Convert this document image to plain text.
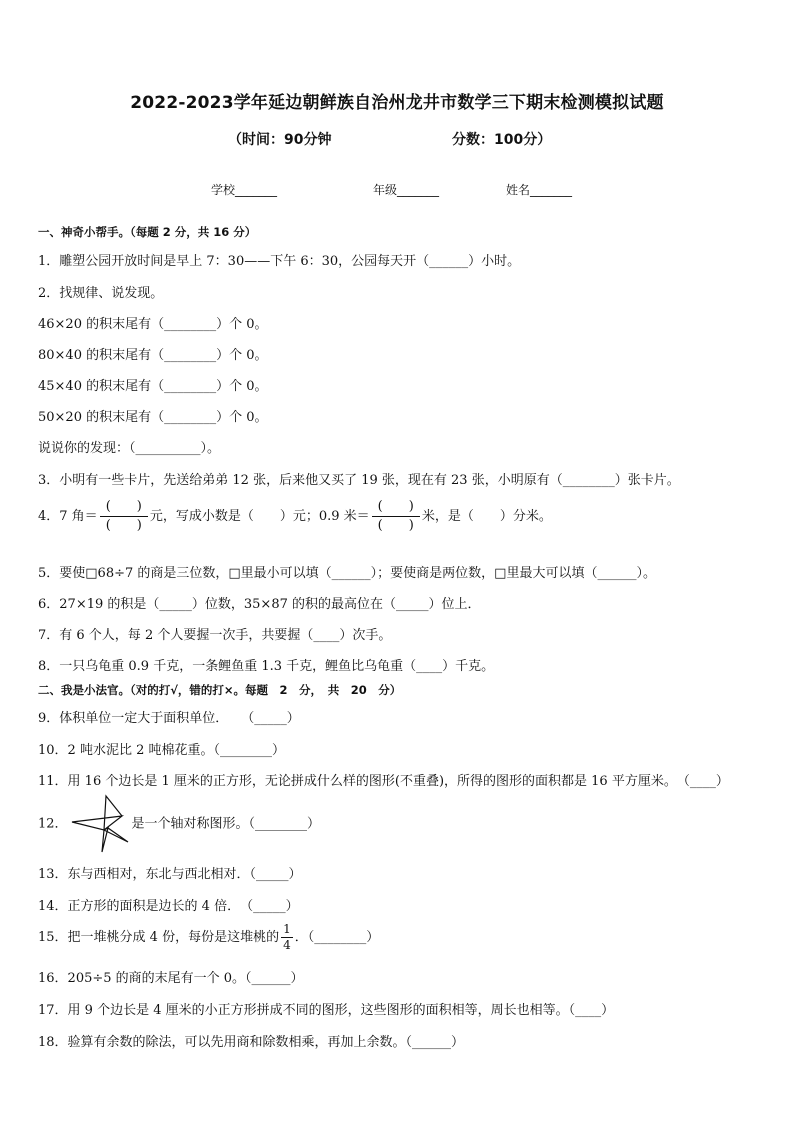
2022-2023学年延边朝鲜族自治州龙井市数学三下期末检测模拟试题
（时间：90分钟	分数：100分）
学校_______	年级_______	姓名_______
一、神奇小帮手。（每题 2 分，共 16 分）
1．雕塑公园开放时间是早上 7：30——下午 6：30，公园每天开（______）小时。
2．找规律、说发现。
46×20 的积末尾有（________）个 0。
80×40 的积末尾有（________）个 0。
45×40 的积末尾有（________）个 0。
50×20 的积末尾有（________）个 0。
说说你的发现：（__________）。
3．小明有一些卡片，先送给弟弟 12 张，后来他又买了 19 张，现在有 23 张，小明原有（________）张卡片。
4．7 角＝ $\frac{( )}{( )}$ 元，写成小数是（　　）元；0.9 米＝ $\frac{( )}{( )}$ 米，是（　　）分米。
5．要使□68÷7 的商是三位数，□里最小可以填（______）；要使商是两位数，□里最大可以填（______）。
6．27×19 的积是（_____）位数，35×87 的积的最高位在（_____）位上．
7．有 6 个人，每 2 个人要握一次手，共要握（____）次手。
8．一只乌龟重 0.9 千克，一条鲤鱼重 1.3 千克，鲤鱼比乌龟重（____）千克。
二、我是小法官。（对的打√，错的打×。每题　2　分，　共　20　分）
9．体积单位一定大于面积单位．　　（_____）
10．2 吨水泥比 2 吨棉花重。（________）
11．用 16 个边长是 1 厘米的正方形，无论拼成什么样的图形(不重叠)，所得的图形的面积都是 16 平方厘米。　（____）
12．	是一个轴对称图形。（________）
13．东与西相对，东北与西北相对．（_____）
14．正方形的面积是边长的 4 倍．　（_____）
15．把一堆桃分成 4 份，每份是这堆桃的 $\frac{1}{4}$ ．（________）
16．205÷5 的商的末尾有一个 0。（______）
17．用 9 个边长是 4 厘米的小正方形拼成不同的图形，这些图形的面积相等，周长也相等。（____）
18．验算有余数的除法，可以先用商和除数相乘，再加上余数。（______）
